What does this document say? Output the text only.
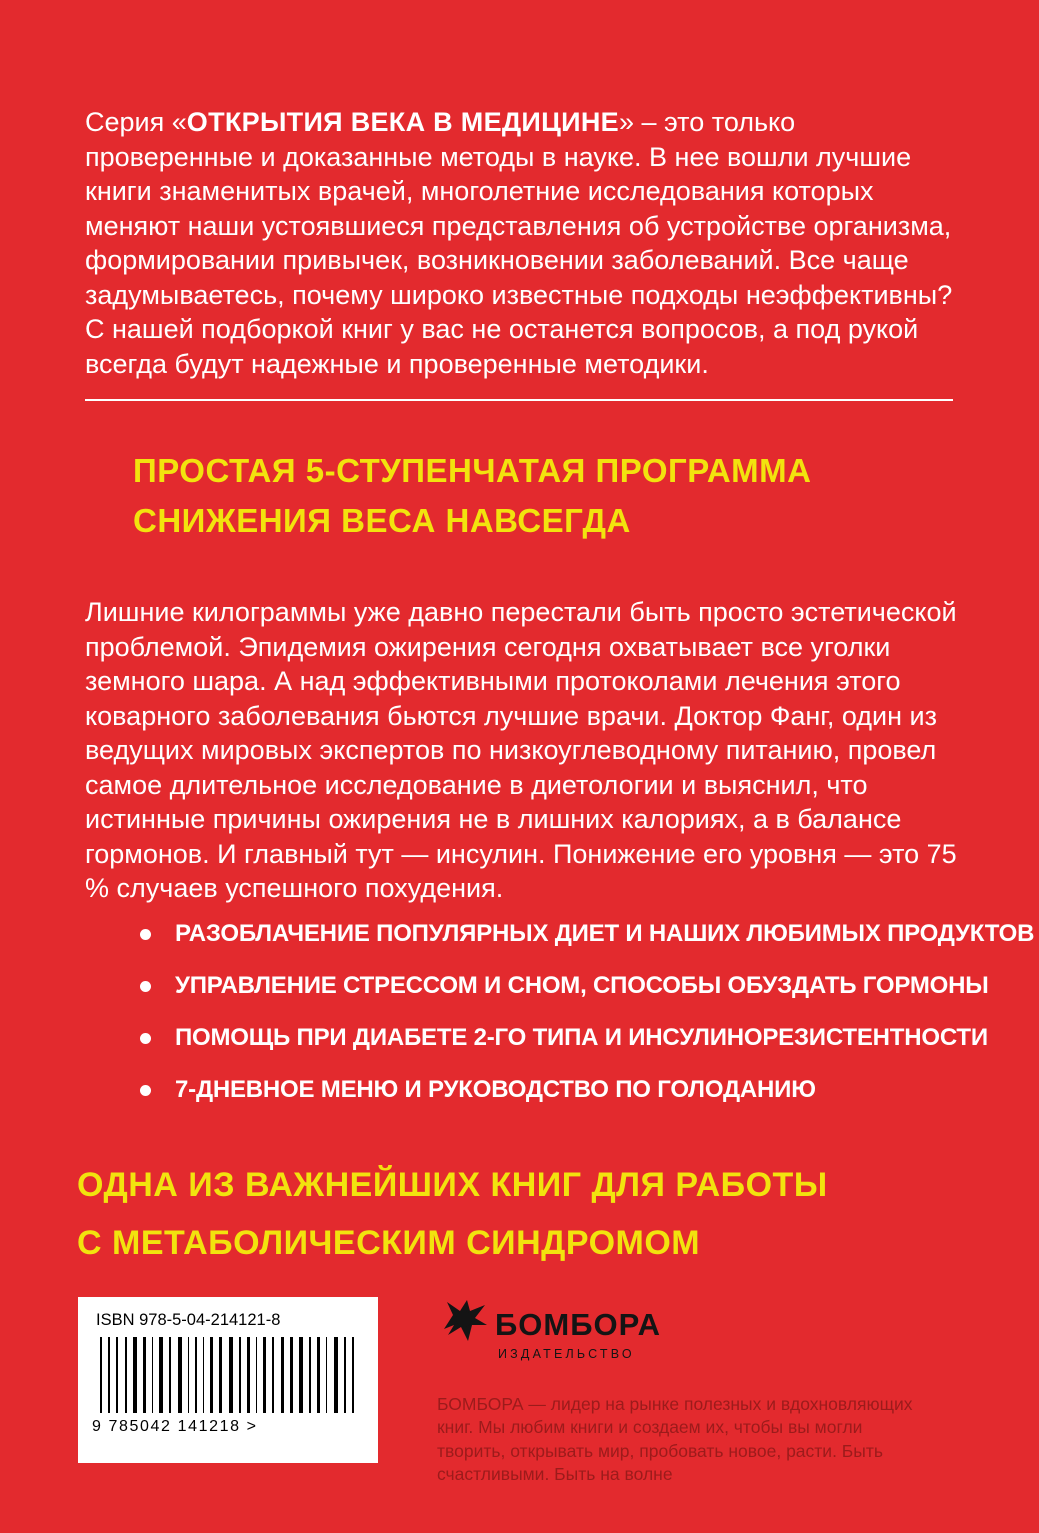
Серия «ОТКРЫТИЯ ВЕКА В МЕДИЦИНЕ» – это только проверенные и доказанные методы в науке. В нее вошли лучшие книги знаменитых врачей, многолетние исследования которых меняют наши устоявшиеся представления об устройстве организма, формировании привычек, возникновении заболеваний. Все чаще задумываетесь, почему широко известные подходы неэффективны? С нашей подборкой книг у вас не останется вопросов, а под рукой всегда будут надежные и проверенные методики.

ПРОСТАЯ 5-СТУПЕНЧАТАЯ ПРОГРАММА
СНИЖЕНИЯ ВЕСА НАВСЕГДА

Лишние килограммы уже давно перестали быть просто эстетической проблемой. Эпидемия ожирения сегодня охватывает все уголки земного шара. А над эффективными протоколами лечения этого коварного заболевания бьются лучшие врачи. Доктор Фанг, один из ведущих мировых экспертов по низкоуглеводному питанию, провел самое длительное исследование в диетологии и выяснил, что истинные причины ожирения не в лишних калориях, а в балансе гормонов. И главный тут — инсулин. Понижение его уровня — это 75 % случаев успешного похудения.

РАЗОБЛАЧЕНИЕ ПОПУЛЯРНЫХ ДИЕТ И НАШИХ ЛЮБИМЫХ ПРОДУКТОВ
УПРАВЛЕНИЕ СТРЕССОМ И СНОМ, СПОСОБЫ ОБУЗДАТЬ ГОРМОНЫ
ПОМОЩЬ ПРИ ДИАБЕТЕ 2-ГО ТИПА И ИНСУЛИНОРЕЗИСТЕНТНОСТИ
7-ДНЕВНОЕ МЕНЮ И РУКОВОДСТВО ПО ГОЛОДАНИЮ
ОДНА ИЗ ВАЖНЕЙШИХ КНИГ ДЛЯ РАБОТЫ
С МЕТАБОЛИЧЕСКИМ СИНДРОМОМ
ISBN 978-5-04-214121-8
9 785042 141218 >
БОМБОРА
ИЗДАТЕЛЬСТВО

БОМБОРА — лидер на рынке полезных и вдохновляющих книг. Мы любим книги и создаем их, чтобы вы могли творить, открывать мир, пробовать новое, расти. Быть счастливыми. Быть на волне
